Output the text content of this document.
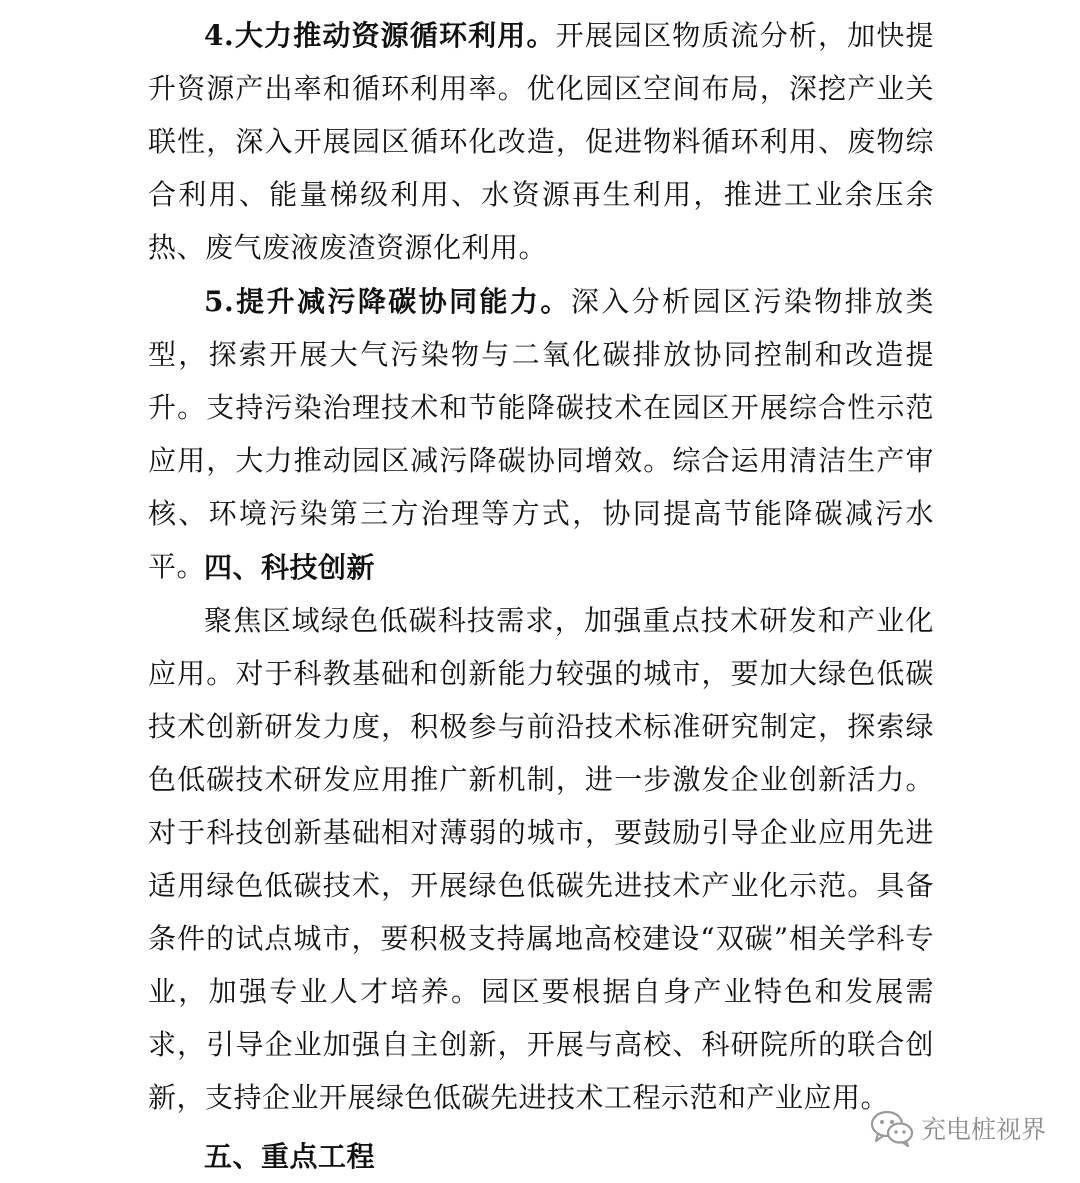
4.大力推动资源循环利用。开展园区物质流分析，加快提升资源产出率和循环利用率。优化园区空间布局，深挖产业关联性，深入开展园区循环化改造，促进物料循环利用、废物综合利用、能量梯级利用、水资源再生利用，推进工业余压余热、废气废液废渣资源化利用。

5.提升减污降碳协同能力。深入分析园区污染物排放类型，探索开展大气污染物与二氧化碳排放协同控制和改造提升。支持污染治理技术和节能降碳技术在园区开展综合性示范应用，大力推动园区减污降碳协同增效。综合运用清洁生产审核、环境污染第三方治理等方式，协同提高节能降碳减污水平。

四、科技创新

聚焦区域绿色低碳科技需求，加强重点技术研发和产业化应用。对于科教基础和创新能力较强的城市，要加大绿色低碳技术创新研发力度，积极参与前沿技术标准研究制定，探索绿色低碳技术研发应用推广新机制，进一步激发企业创新活力。对于科技创新基础相对薄弱的城市，要鼓励引导企业应用先进适用绿色低碳技术，开展绿色低碳先进技术产业化示范。具备条件的试点城市，要积极支持属地高校建设“双碳”相关学科专业，加强专业人才培养。园区要根据自身产业特色和发展需求，引导企业加强自主创新，开展与高校、科研院所的联合创新，支持企业开展绿色低碳先进技术工程示范和产业应用。

五、重点工程
充电桩视界
